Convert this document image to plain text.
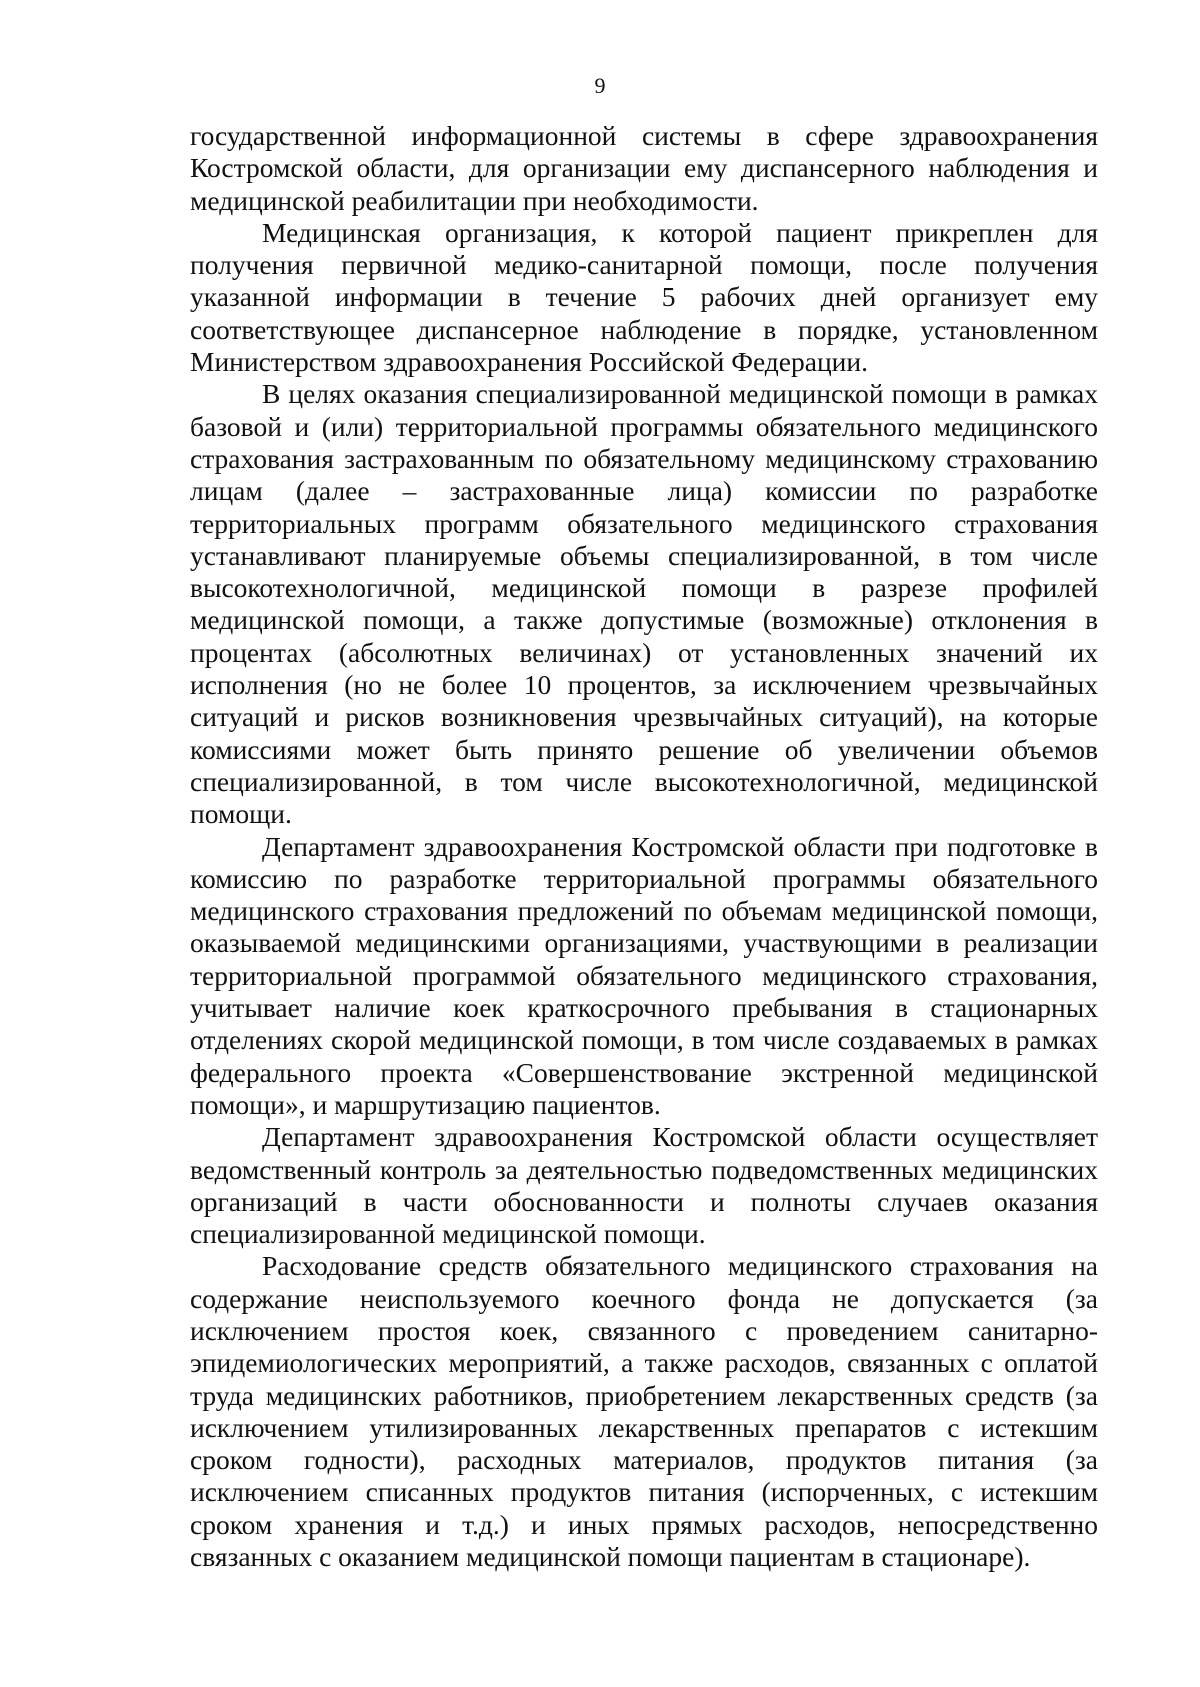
9

государственной информационной системы в сфере здравоохранения Костромской области, для организации ему диспансерного наблюдения и медицинской реабилитации при необходимости.

Медицинская организация, к которой пациент прикреплен для получения первичной медико-санитарной помощи, после получения указанной информации в течение 5 рабочих дней организует ему соответствующее диспансерное наблюдение в порядке, установленном Министерством здравоохранения Российской Федерации.

В целях оказания специализированной медицинской помощи в рамках базовой и (или) территориальной программы обязательного медицинского страхования застрахованным по обязательному медицинскому страхованию лицам (далее – застрахованные лица) комиссии по разработке территориальных программ обязательного медицинского страхования устанавливают планируемые объемы специализированной, в том числе высокотехнологичной, медицинской помощи в разрезе профилей медицинской помощи, а также допустимые (возможные) отклонения в процентах (абсолютных величинах) от установленных значений их исполнения (но не более 10 процентов, за исключением чрезвычайных ситуаций и рисков возникновения чрезвычайных ситуаций), на которые комиссиями может быть принято решение об увеличении объемов специализированной, в том числе высокотехнологичной, медицинской помощи.

Департамент здравоохранения Костромской области при подготовке в комиссию по разработке территориальной программы обязательного медицинского страхования предложений по объемам медицинской помощи, оказываемой медицинскими организациями, участвующими в реализации территориальной программой обязательного медицинского страхования, учитывает наличие коек краткосрочного пребывания в стационарных отделениях скорой медицинской помощи, в том числе создаваемых в рамках федерального проекта «Совершенствование экстренной медицинской помощи», и маршрутизацию пациентов.

Департамент здравоохранения Костромской области осуществляет ведомственный контроль за деятельностью подведомственных медицинских организаций в части обоснованности и полноты случаев оказания специализированной медицинской помощи.

Расходование средств обязательного медицинского страхования на содержание неиспользуемого коечного фонда не допускается (за исключением простоя коек, связанного с проведением санитарно-эпидемиологических мероприятий, а также расходов, связанных с оплатой труда медицинских работников, приобретением лекарственных средств (за исключением утилизированных лекарственных препаратов с истекшим сроком годности), расходных материалов, продуктов питания (за исключением списанных продуктов питания (испорченных, с истекшим сроком хранения и т.д.) и иных прямых расходов, непосредственно связанных с оказанием медицинской помощи пациентам в стационаре).
